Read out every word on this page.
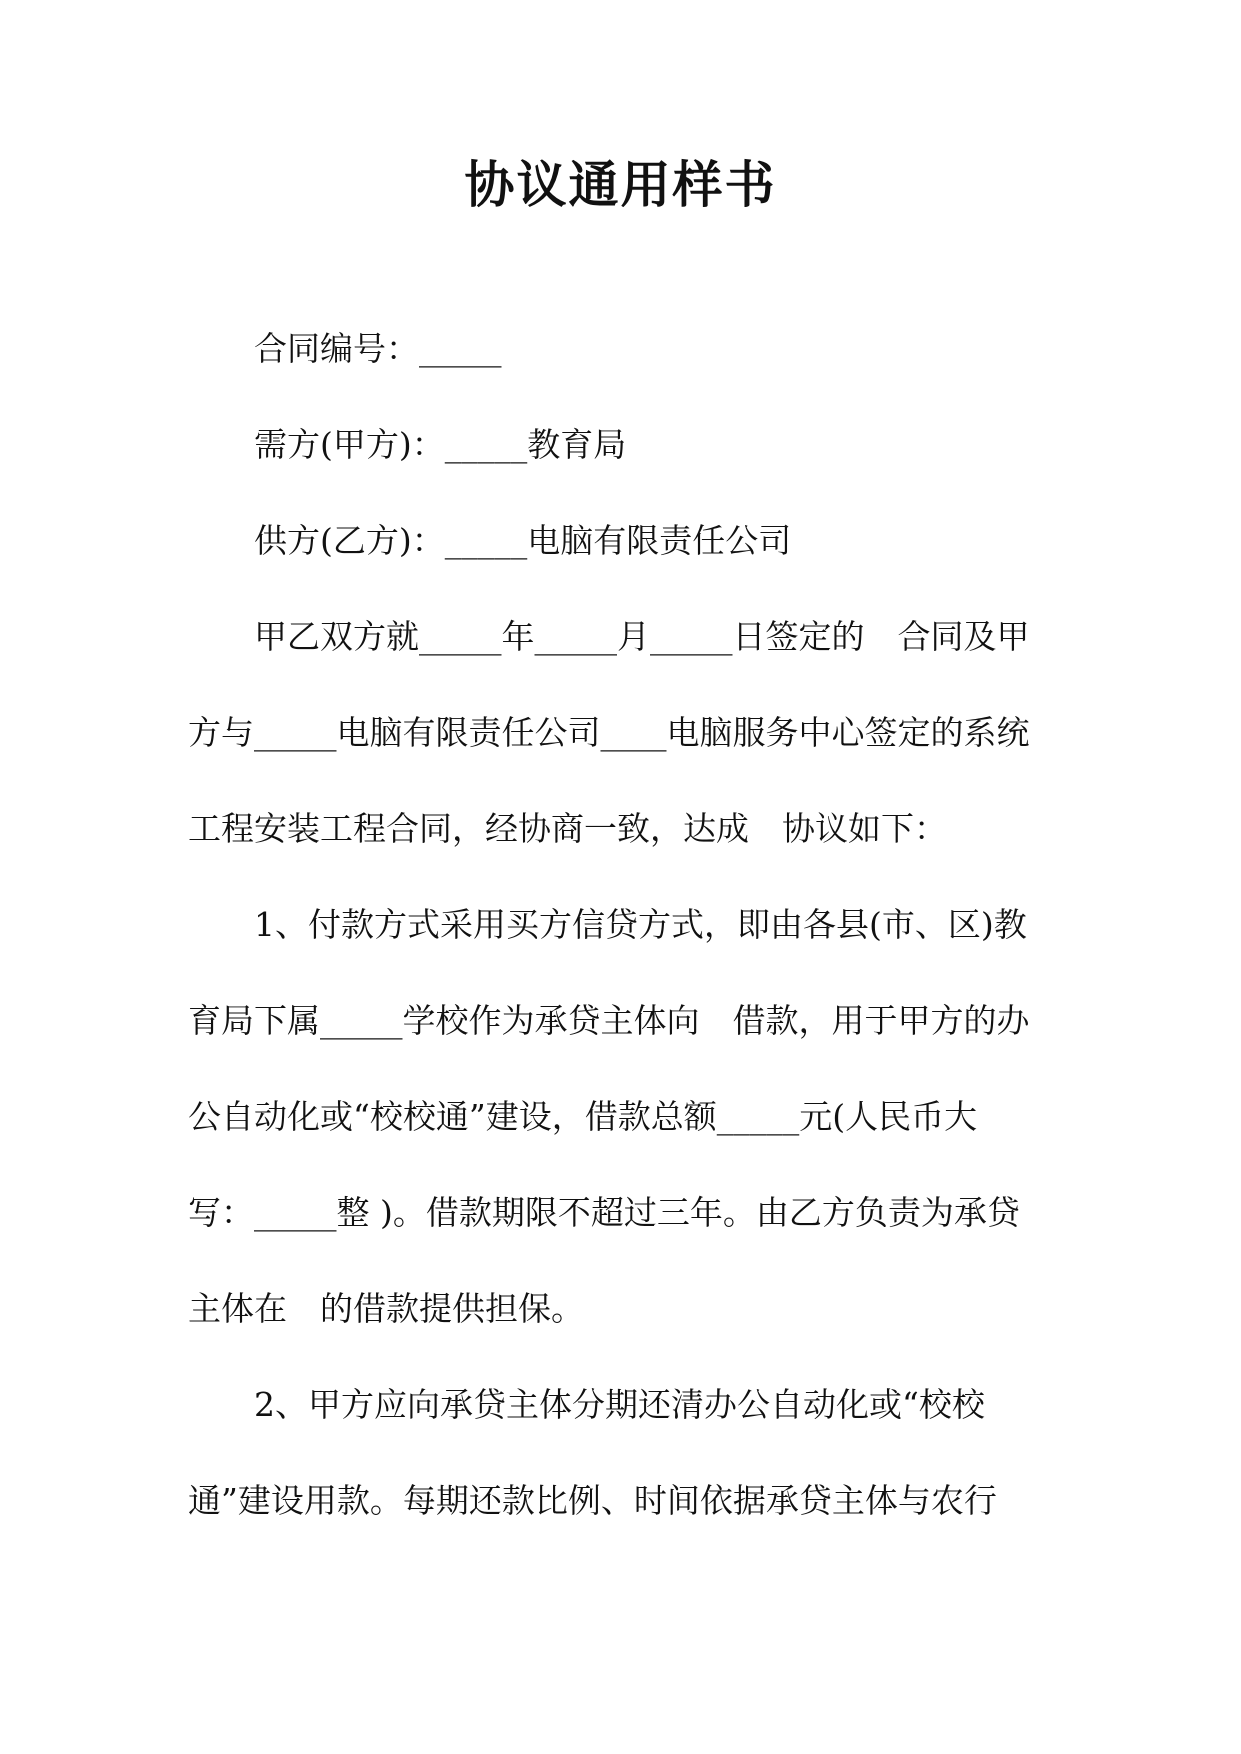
协议通用样书
合同编号：_____
需方(甲方)：_____教育局
供方(乙方)：_____电脑有限责任公司
甲乙双方就_____年_____月_____日签定的　合同及甲
方与_____电脑有限责任公司____电脑服务中心签定的系统
工程安装工程合同，经协商一致，达成　协议如下：
1、付款方式采用买方信贷方式，即由各县(市、区)教
育局下属_____学校作为承贷主体向　借款，用于甲方的办
公自动化或“校校通”建设，借款总额_____元(人民币大
写：_____整 )。借款期限不超过三年。由乙方负责为承贷
主体在　的借款提供担保。
2、甲方应向承贷主体分期还清办公自动化或“校校
通”建设用款。每期还款比例、时间依据承贷主体与农行
